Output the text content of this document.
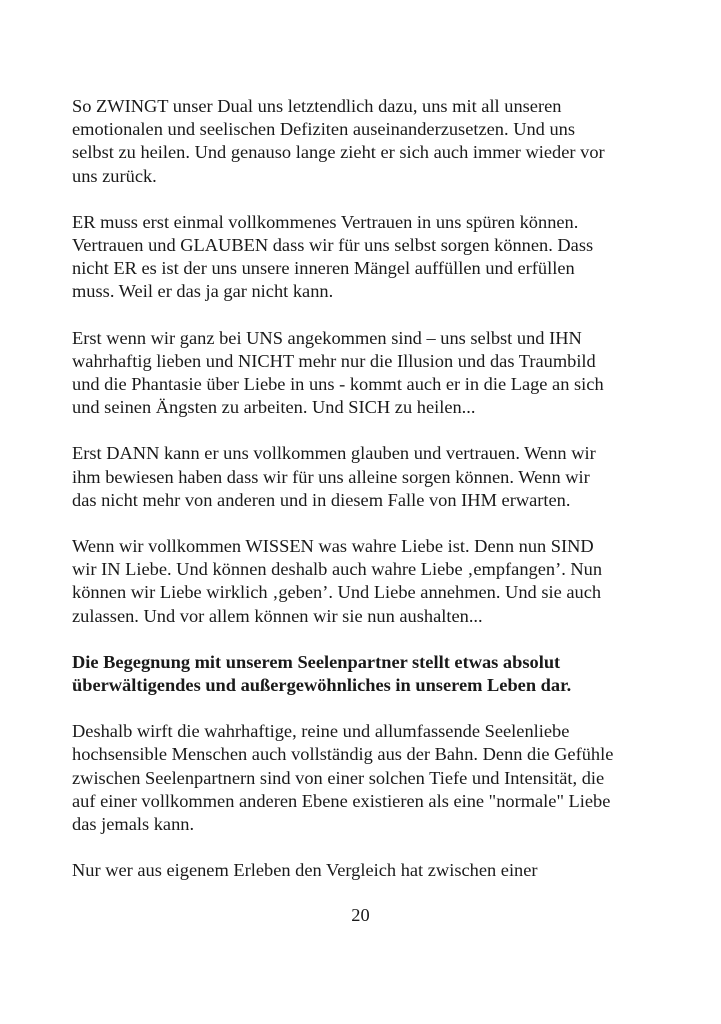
So ZWINGT unser Dual uns letztendlich dazu, uns mit all unseren
emotionalen und seelischen Defiziten auseinanderzusetzen. Und uns
selbst zu heilen. Und genauso lange zieht er sich auch immer wieder vor
uns zurück.

ER muss erst einmal vollkommenes Vertrauen in uns spüren können.
Vertrauen und GLAUBEN dass wir für uns selbst sorgen können. Dass
nicht ER es ist der uns unsere inneren Mängel auffüllen und erfüllen
muss. Weil er das ja gar nicht kann.

Erst wenn wir ganz bei UNS angekommen sind – uns selbst und IHN
wahrhaftig lieben und NICHT mehr nur die Illusion und das Traumbild
und die Phantasie über Liebe in uns - kommt auch er in die Lage an sich
und seinen Ängsten zu arbeiten. Und SICH zu heilen...

Erst DANN kann er uns vollkommen glauben und vertrauen. Wenn wir
ihm bewiesen haben dass wir für uns alleine sorgen können. Wenn wir
das nicht mehr von anderen und in diesem Falle von IHM erwarten.

Wenn wir vollkommen WISSEN was wahre Liebe ist. Denn nun SIND
wir IN Liebe. Und können deshalb auch wahre Liebe ‚empfangen’. Nun
können wir Liebe wirklich ‚geben’. Und Liebe annehmen. Und sie auch
zulassen. Und vor allem können wir sie nun aushalten...

Die Begegnung mit unserem Seelenpartner stellt etwas absolut
überwältigendes und außergewöhnliches in unserem Leben dar.

Deshalb wirft die wahrhaftige, reine und allumfassende Seelenliebe
hochsensible Menschen auch vollständig aus der Bahn. Denn die Gefühle
zwischen Seelenpartnern sind von einer solchen Tiefe und Intensität, die
auf einer vollkommen anderen Ebene existieren als eine "normale" Liebe
das jemals kann.

Nur wer aus eigenem Erleben den Vergleich hat zwischen einer

20
